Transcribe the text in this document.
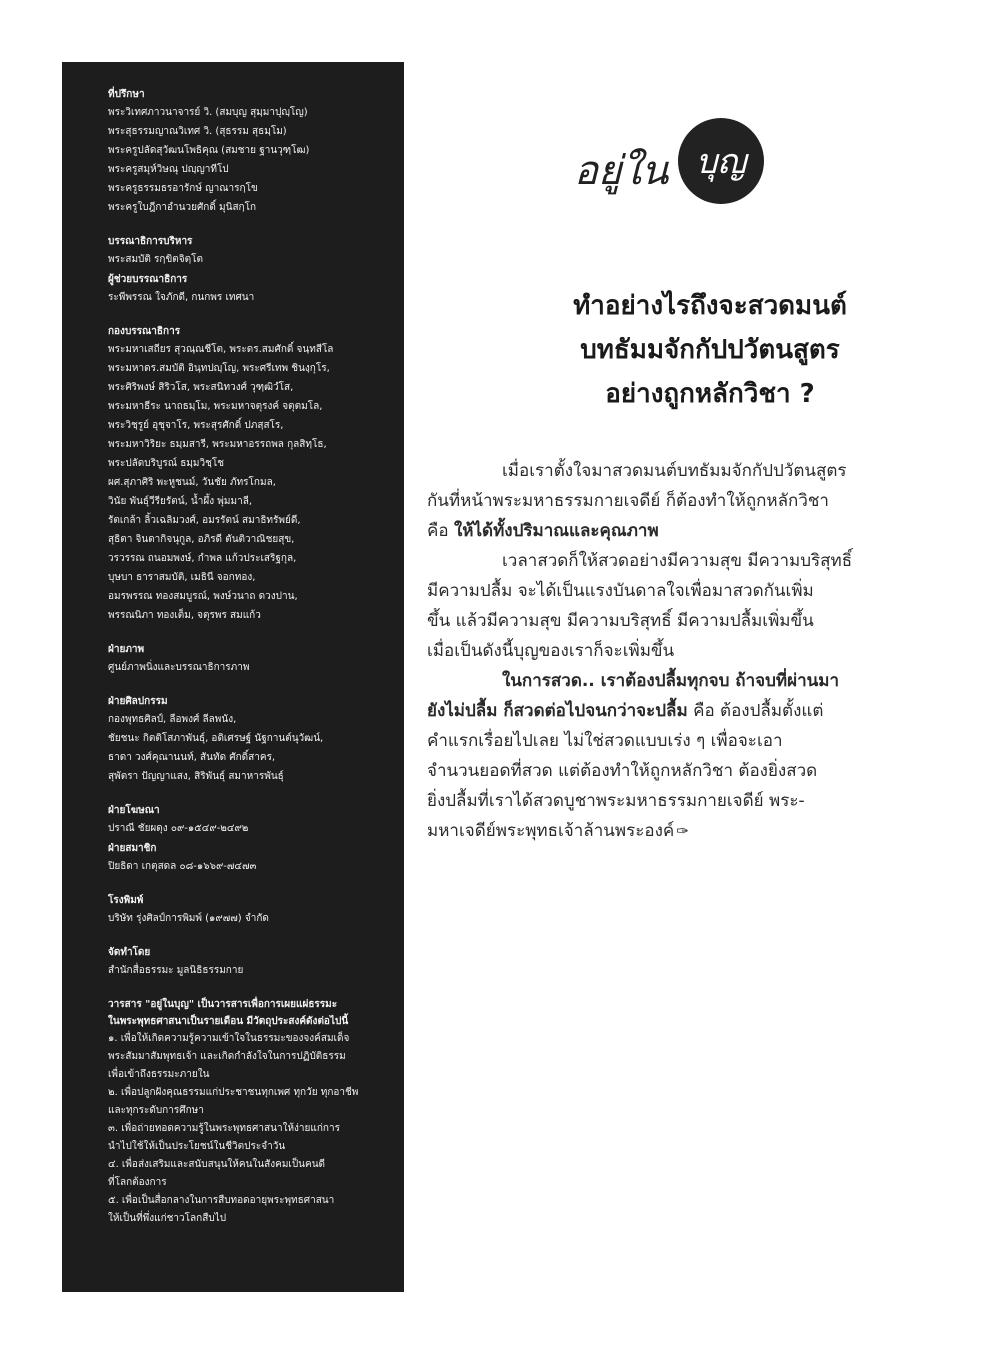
ที่ปรึกษา
พระวิเทศภาวนาจารย์ วิ. (สมบุญ สุมฺมาปุญฺโญ)
พระสุธรรมญาณวิเทศ วิ. (สุธรรม สุธมฺโม)
พระครูปลัดสุวัฒนโพธิคุณ (สมชาย ฐานวุฑฺโฒ)
พระครูสมุห์วิษณุ ปญฺญาทีโป
พระครูธรรมธรอารักษ์ ญาณารกฺโข
พระครูใบฎีกาอำนวยศักดิ์ มุนิสกฺโก
บรรณาธิการบริหาร
พระสมบัติ รกฺขิตจิตฺโต
ผู้ช่วยบรรณาธิการ
ระพีพรรณ ใจภักดี, กนกพร เทศนา
กองบรรณาธิการ
พระมหาเสถียร สุวณฺณชีโต, พระดร.สมศักดิ์ จนฺทสีโล
พระมหาดร.สมบัติ อินฺทปญฺโญ, พระศรีเทพ ชินงฺกุโร,
พระศิริพงษ์ สิริวโส, พระสนิทวงศ์ วุฑฺฒิวํโส,
พระมหาธีระ นาถธมฺโม, พระมหาจตุรงค์ จตุตมโล,
พระวิชฺรูย์ อุชุจาโร, พระสุรศักดิ์ ปภสฺสโร,
พระมหาวิริยะ ธมฺมสารี, พระมหาอรรถพล กุลสิทฺโธ,
พระปลัดบริบูรณ์ ธมฺมวิชฺโช
ผศ.สุภาศิริ พะหูชนม์, วันชัย ภัทรโกมล,
วินัย พันธุ์วีรียรัตน์, น้ำผึ้ง พุ่มมาลี,
รัตเกล้า ลิ้วเฉลิมวงศ์, อมรรัตน์ สมาธิทรัพย์ดี,
สุธิตา จินดากิจนุกูล, อภิรดี ตันติวาณิชยสุข,
วรวรรณ ถนอมพงษ์, กำพล แก้วประเสริฐกุล,
บุษบา ธาราสมบัติ, เมธินี จอกทอง,
อมรพรรณ ทองสมบูรณ์, พงษ์วนาถ ดวงปาน,
พรรณนิภา ทองเต็ม, จตุรพร สมแก้ว
ฝ่ายภาพ
ศูนย์ภาพนิ่งและบรรณาธิการภาพ
ฝ่ายศิลปกรรม
กองพุทธศิลป์, ลือพงศ์ ลีลพนัง,
ชัยชนะ กิตติโสภาพันธุ์, อดิเศรษฐ์ นัฐกานต์นุวัฒน์,
ธาดา วงศ์คุณานนท์, สันทัด ศักดิ์สาคร,
สุพัตรา ปัญญาแสง, สิริพันธุ์ สมาหารพันธุ์
ฝ่ายโฆษณา
ปราณี ชัยผดุง ๐๙-๑๕๔๙-๒๔๙๒
ฝ่ายสมาชิก
ปิยธิดา เกตุสดล ๐๘-๑๖๖๙-๗๔๗๓
โรงพิมพ์
บริษัท รุ่งศิลป์การพิมพ์ (๑๙๗๗) จำกัด
จัดทำโดย
สำนักสื่อธรรมะ มูลนิธิธรรมกาย
วารสาร "อยู่ในบุญ" เป็นวารสารเพื่อการเผยแผ่ธรรมะ
ในพระพุทธศาสนาเป็นรายเดือน มีวัตถุประสงค์ดังต่อไปนี้
๑. เพื่อให้เกิดความรู้ความเข้าใจในธรรมะของจงค์สมเด็จ
พระสัมมาสัมพุทธเจ้า และเกิดกำลังใจในการปฏิบัติธรรม
เพื่อเข้าถึงธรรมะภายใน
๒. เพื่อปลูกฝังคุณธรรมแก่ประชาชนทุกเพศ ทุกวัย ทุกอาชีพ
และทุกระดับการศึกษา
๓. เพื่อถ่ายทอดความรู้ในพระพุทธศาสนาให้ง่ายแก่การ
นำไปใช้ให้เป็นประโยชน์ในชีวิตประจำวัน
๔. เพื่อส่งเสริมและสนับสนุนให้คนในสังคมเป็นคนดี
ที่โลกต้องการ
๕. เพื่อเป็นสื่อกลางในการสืบทอดอายุพระพุทธศาสนา
ให้เป็นที่พึ่งแก่ชาวโลกสืบไป
อยู่ใน บุญ
ทำอย่างไรถึงจะสวดมนต์
บทธัมมจักกัปปวัตนสูตร
อย่างถูกหลักวิชา ?
เมื่อเราตั้งใจมาสวดมนต์บทธัมมจักกัปปวัตนสูตร
กันที่หน้าพระมหาธรรมกายเจดีย์ ก็ต้องทำให้ถูกหลักวิชา
คือ ให้ได้ทั้งปริมาณและคุณภาพ
เวลาสวดก็ให้สวดอย่างมีความสุข มีความบริสุทธิ์
มีความปลื้ม จะได้เป็นแรงบันดาลใจเพื่อมาสวดกันเพิ่ม
ขึ้น แล้วมีความสุข มีความบริสุทธิ์ มีความปลื้มเพิ่มขึ้น
เมื่อเป็นดังนี้บุญของเราก็จะเพิ่มขึ้น
ในการสวด.. เราต้องปลื้มทุกจบ ถ้าจบที่ผ่านมา
ยังไม่ปลื้ม ก็สวดต่อไปจนกว่าจะปลื้ม คือ ต้องปลื้มตั้งแต่
คำแรกเรื่อยไปเลย ไม่ใช่สวดแบบเร่ง ๆ เพื่อจะเอา
จำนวนยอดที่สวด แต่ต้องทำให้ถูกหลักวิชา ต้องยิ่งสวด
ยิ่งปลื้มที่เราได้สวดบูชาพระมหาธรรมกายเจดีย์ พระ-
มหาเจดีย์พระพุทธเจ้าล้านพระองค์ ✑
